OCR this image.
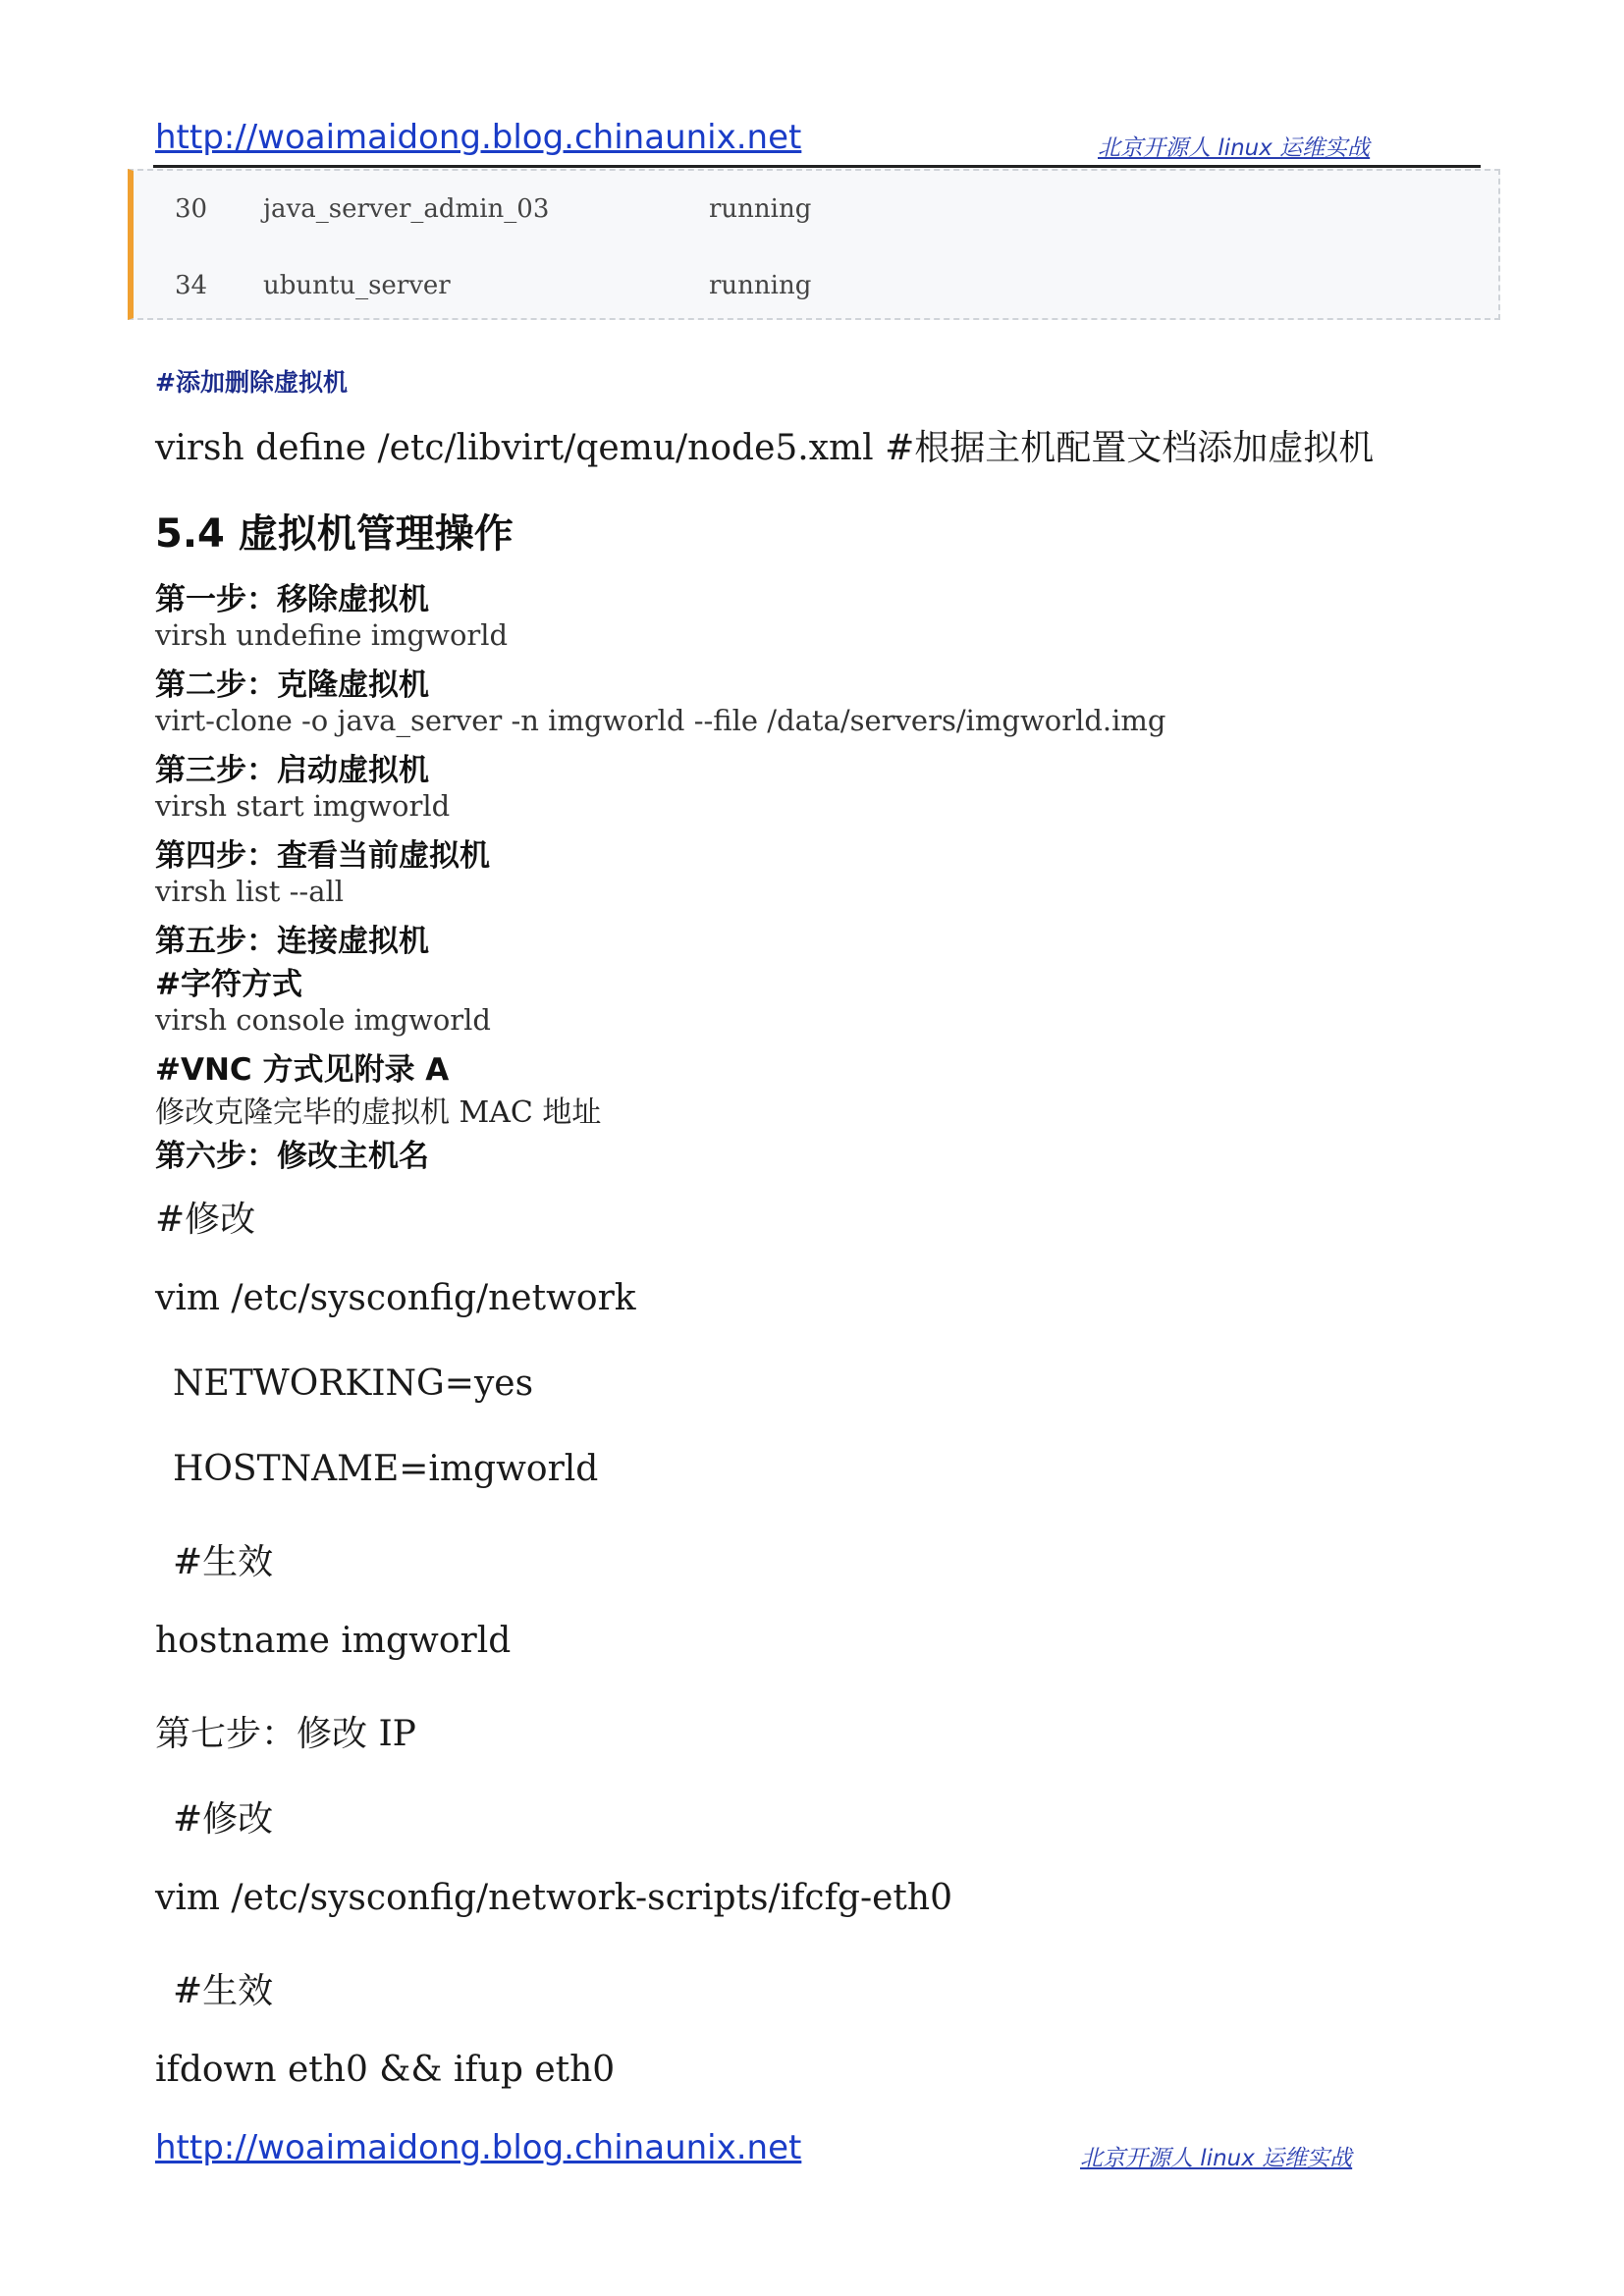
http://woaimaidong.blog.chinaunix.net	北京开源人 linux 运维实战
30 java_server_admin_03	running
34 ubuntu_server	running
#添加删除虚拟机
virsh define /etc/libvirt/qemu/node5.xml #根据主机配置文档添加虚拟机
5.4 虚拟机管理操作
第一步：移除虚拟机
virsh undefine imgworld
第二步：克隆虚拟机
virt-clone -o java_server -n imgworld --file /data/servers/imgworld.img
第三步：启动虚拟机
virsh start imgworld
第四步：查看当前虚拟机
virsh list --all
第五步：连接虚拟机
#字符方式
virsh console imgworld
#VNC 方式见附录 A
修改克隆完毕的虚拟机 MAC 地址
第六步：修改主机名
#修改
vim /etc/sysconfig/network
NETWORKING=yes
HOSTNAME=imgworld
#生效
hostname imgworld
第七步：修改 IP
#修改
vim /etc/sysconfig/network-scripts/ifcfg-eth0
#生效
ifdown eth0 && ifup eth0
http://woaimaidong.blog.chinaunix.net	北京开源人 linux 运维实战
